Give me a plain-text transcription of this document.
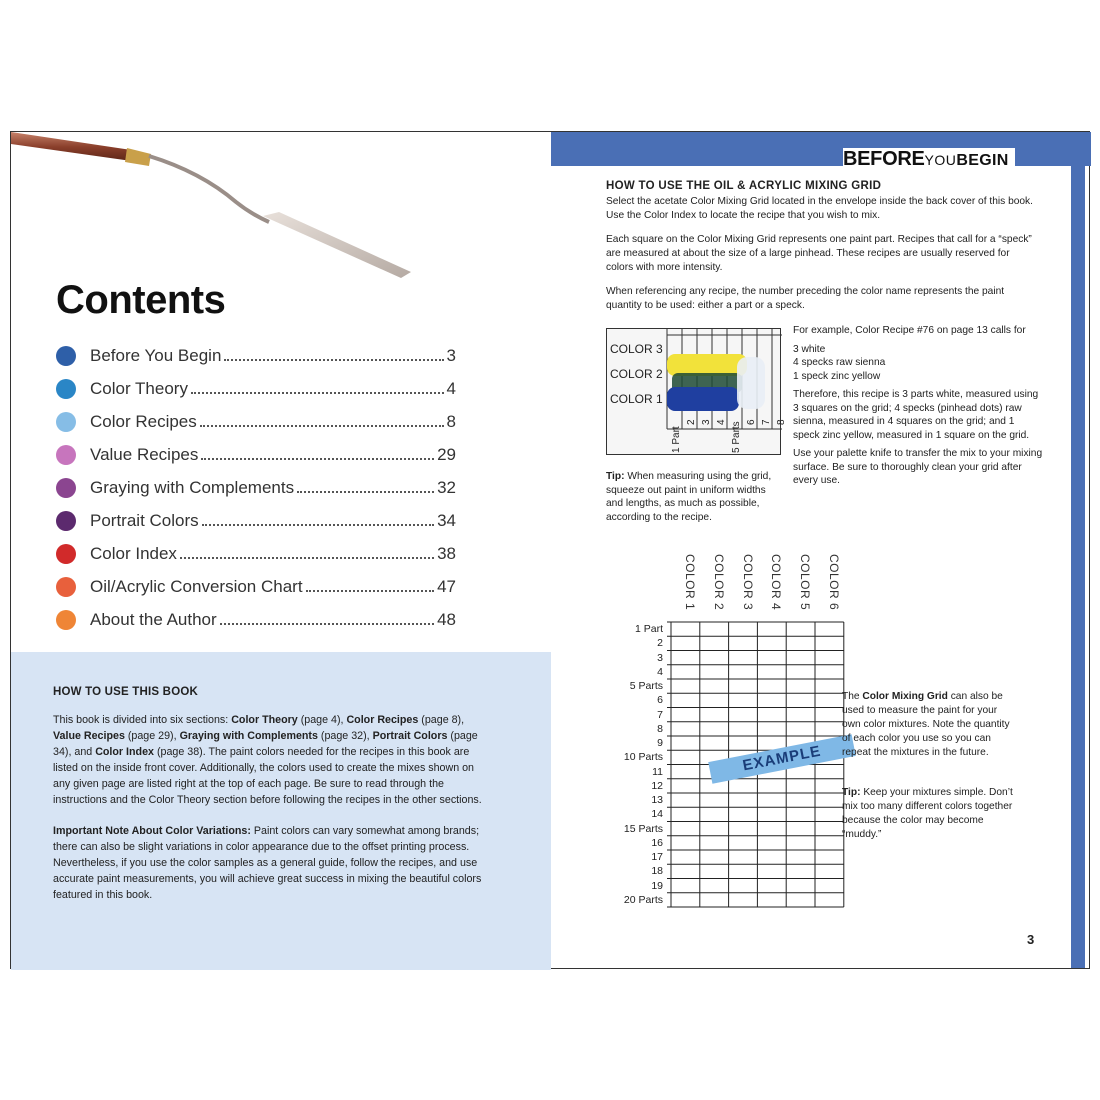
Contents
Before You Begin	3
Color Theory	4
Color Recipes	8
Value Recipes	29
Graying with Complements	32
Portrait Colors	34
Color Index	38
Oil/Acrylic Conversion Chart	47
About the Author	48
HOW TO USE THIS BOOK

This book is divided into six sections: Color Theory (page 4), Color Recipes (page 8), Value Recipes (page 29), Graying with Complements (page 32), Portrait Colors (page 34), and Color Index (page 38). The paint colors needed for the recipes in this book are listed on the inside front cover. Additionally, the colors used to create the mixes shown on any given page are listed right at the top of each page. Be sure to read through the instructions and the Color Theory section before following the recipes in the other sections.

Important Note About Color Variations: Paint colors can vary somewhat among brands; there can also be slight variations in color appearance due to the offset printing process. Nevertheless, if you use the color samples as a general guide, follow the recipes, and use accurate paint measurements, you will achieve great success in mixing the beautiful colors featured in this book.

BEFOREYOUBEGIN
HOW TO USE THE OIL & ACRYLIC MIXING GRID
Select the acetate Color Mixing Grid located in the envelope inside the back cover of this book. Use the Color Index to locate the recipe that you wish to mix.
Each square on the Color Mixing Grid represents one paint part. Recipes that call for a “speck” are measured at about the size of a large pinhead. These recipes are usually reserved for colors with more intensity.
When referencing any recipe, the number preceding the color name represents the paint quantity to be used: either a part or a speck.
COLOR 3
COLOR 2
COLOR 1
1 Part
2 3 4 5 Parts 6 7 8
For example, Color Recipe #76 on page 13 calls for
3 white
4 specks raw sienna
1 speck zinc yellow
Therefore, this recipe is 3 parts white, measured using 3 squares on the grid; 4 specks (pinhead dots) raw sienna, measured in 4 squares on the grid; and 1 speck zinc yellow, measured in 1 square on the grid.
Use your palette knife to transfer the mix to your mixing surface. Be sure to thoroughly clean your grid after every use.
Tip: When measuring using the grid, squeeze out paint in uniform widths and lengths, as much as possible, according to the recipe.
EXAMPLE
COLOR 1 COLOR 2 COLOR 3 COLOR 4 COLOR 5 COLOR 6
1 Part
2
3
4
5 Parts
6
7
8
9
10 Parts
11
12
13
14
15 Parts
16
17
18
19
20 Parts
The Color Mixing Grid can also be used to measure the paint for your own color mixtures. Note the quantity of each color you use so you can repeat the mixtures in the future.
Tip: Keep your mixtures simple. Don’t mix too many different colors together because the color may become “muddy.”
3
